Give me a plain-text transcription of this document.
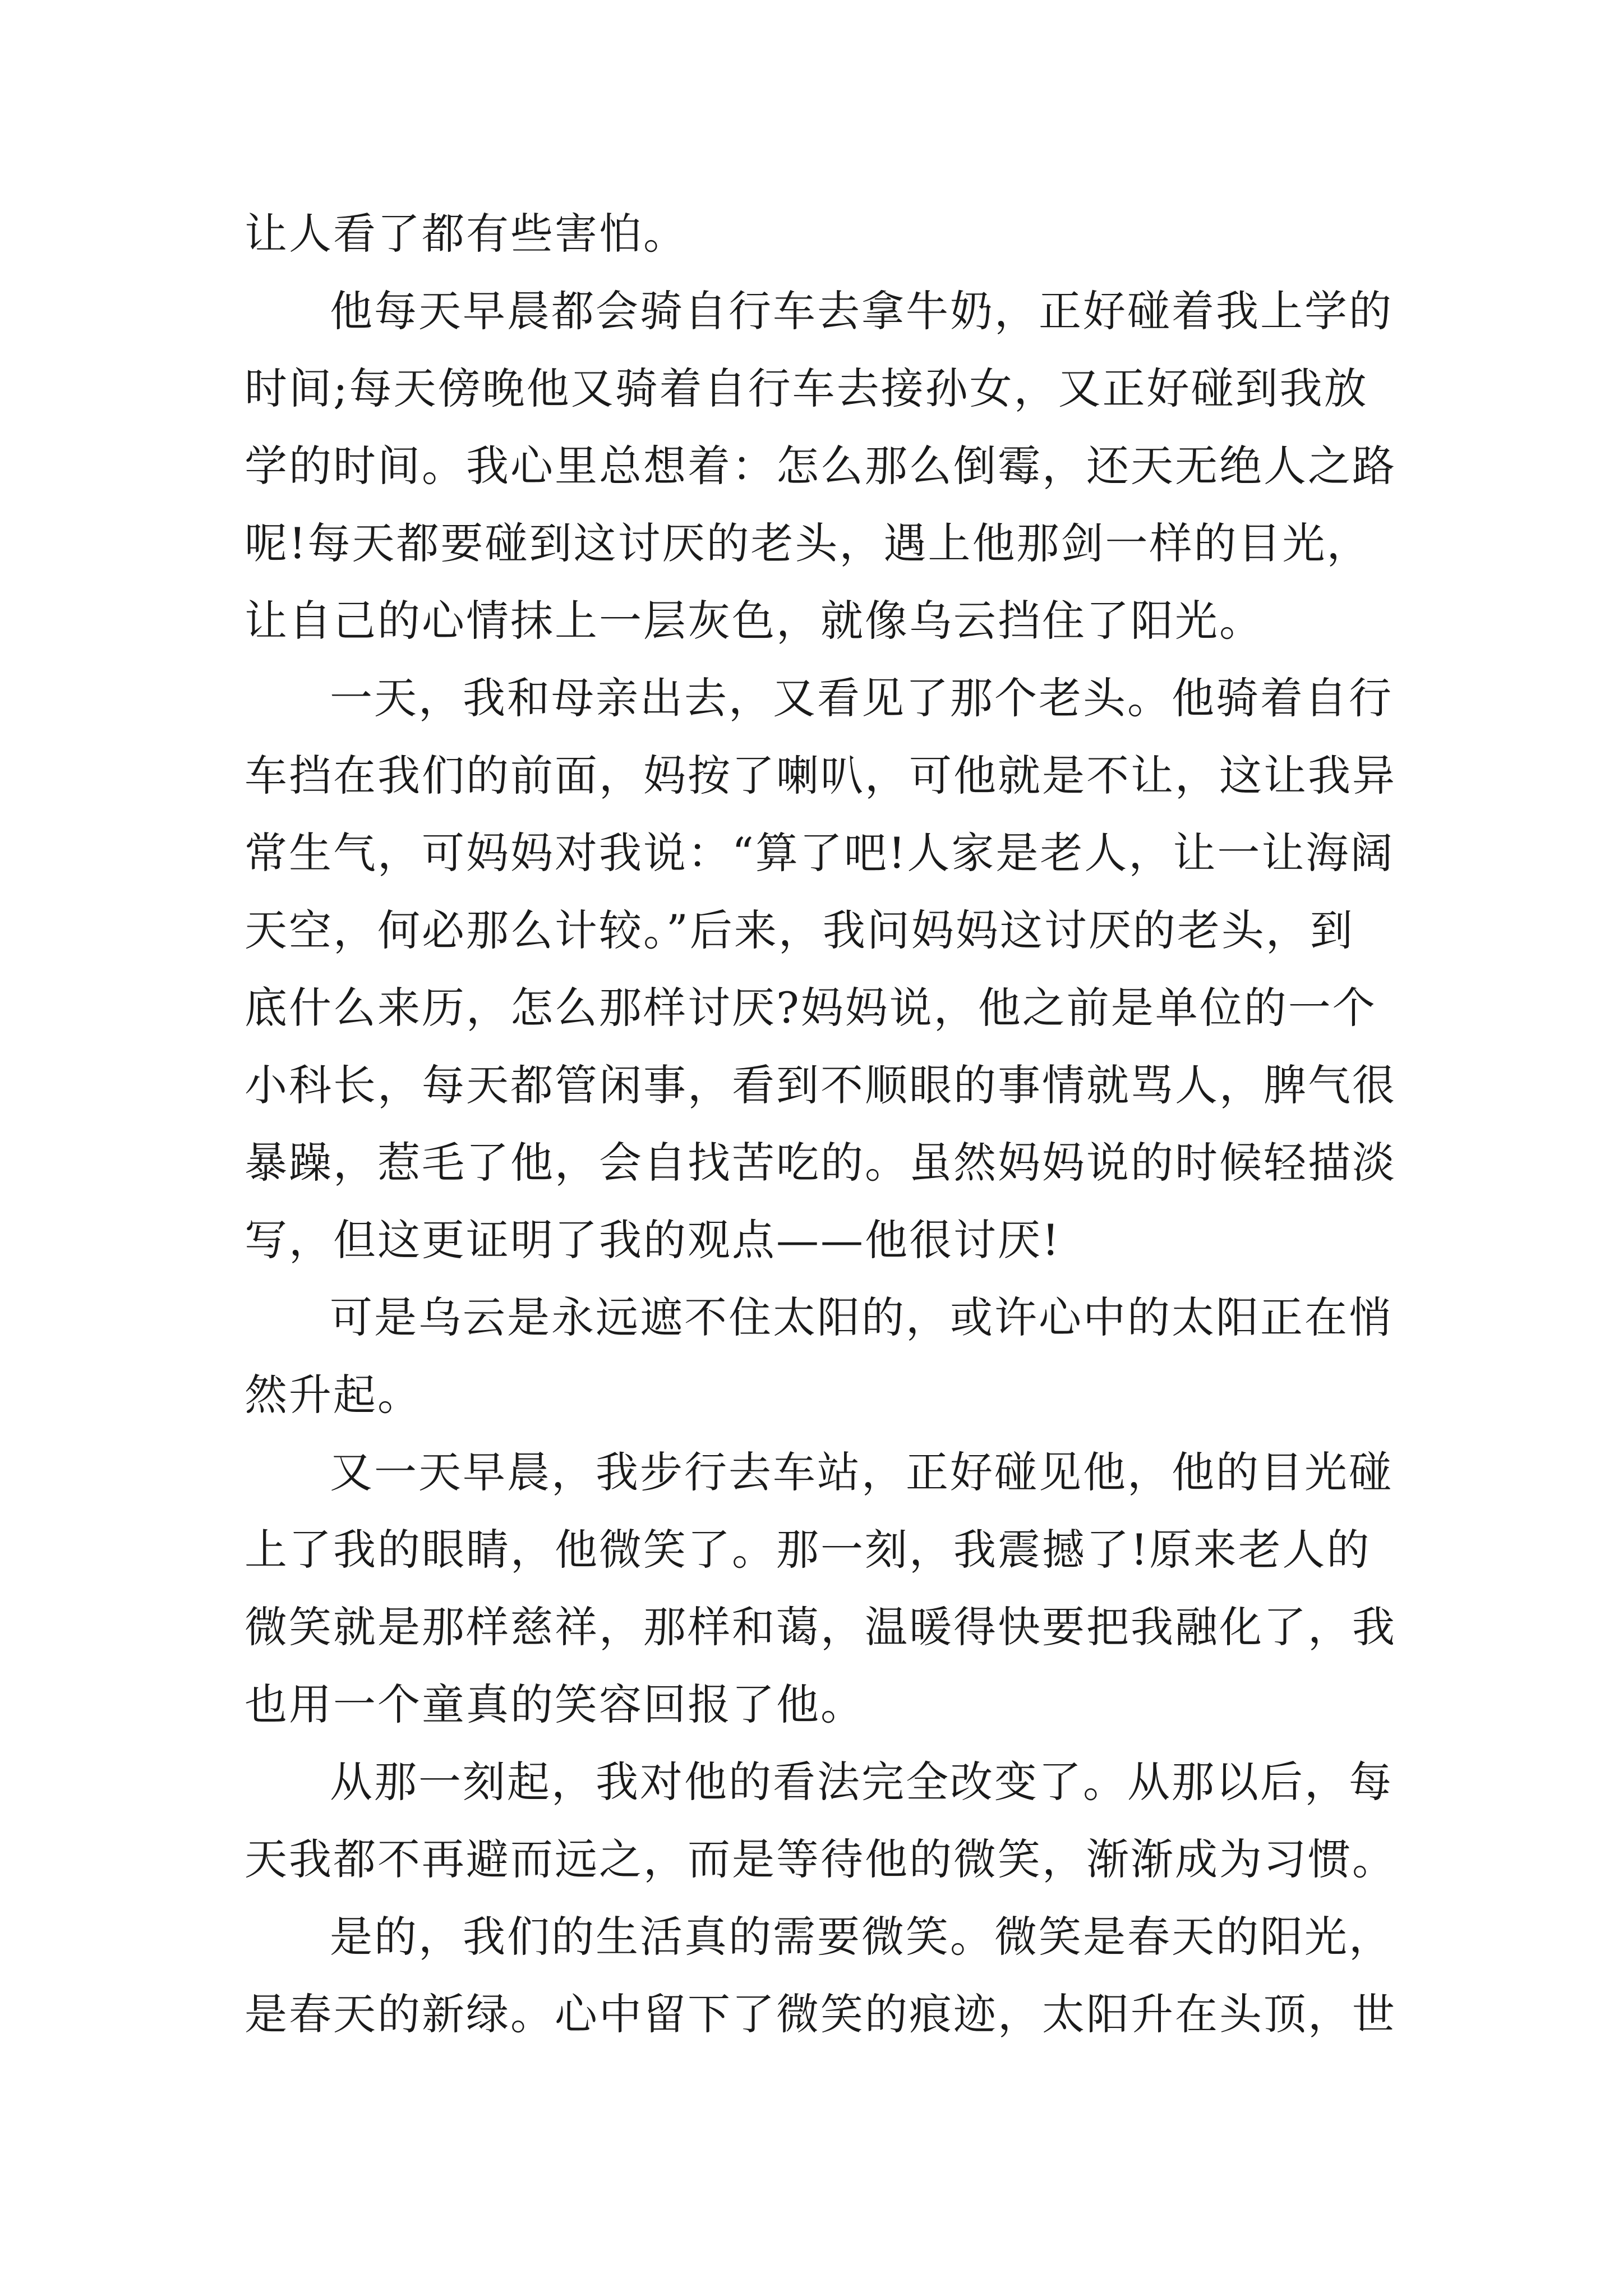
让人看了都有些害怕。
他每天早晨都会骑自行车去拿牛奶，正好碰着我上学的
时间;每天傍晚他又骑着自行车去接孙女，又正好碰到我放
学的时间。我心里总想着：怎么那么倒霉，还天无绝人之路
呢!每天都要碰到这讨厌的老头，遇上他那剑一样的目光，
让自己的心情抹上一层灰色，就像乌云挡住了阳光。
一天，我和母亲出去，又看见了那个老头。他骑着自行
车挡在我们的前面，妈按了喇叭，可他就是不让，这让我异
常生气，可妈妈对我说：“算了吧!人家是老人，让一让海阔
天空，何必那么计较。”后来，我问妈妈这讨厌的老头，到
底什么来历，怎么那样讨厌?妈妈说，他之前是单位的一个
小科长，每天都管闲事，看到不顺眼的事情就骂人，脾气很
暴躁，惹毛了他，会自找苦吃的。虽然妈妈说的时候轻描淡
写，但这更证明了我的观点——他很讨厌!
可是乌云是永远遮不住太阳的，或许心中的太阳正在悄
然升起。
又一天早晨，我步行去车站，正好碰见他，他的目光碰
上了我的眼睛，他微笑了。那一刻，我震撼了!原来老人的
微笑就是那样慈祥，那样和蔼，温暖得快要把我融化了，我
也用一个童真的笑容回报了他。
从那一刻起，我对他的看法完全改变了。从那以后，每
天我都不再避而远之，而是等待他的微笑，渐渐成为习惯。
是的，我们的生活真的需要微笑。微笑是春天的阳光，
是春天的新绿。心中留下了微笑的痕迹，太阳升在头顶，世
